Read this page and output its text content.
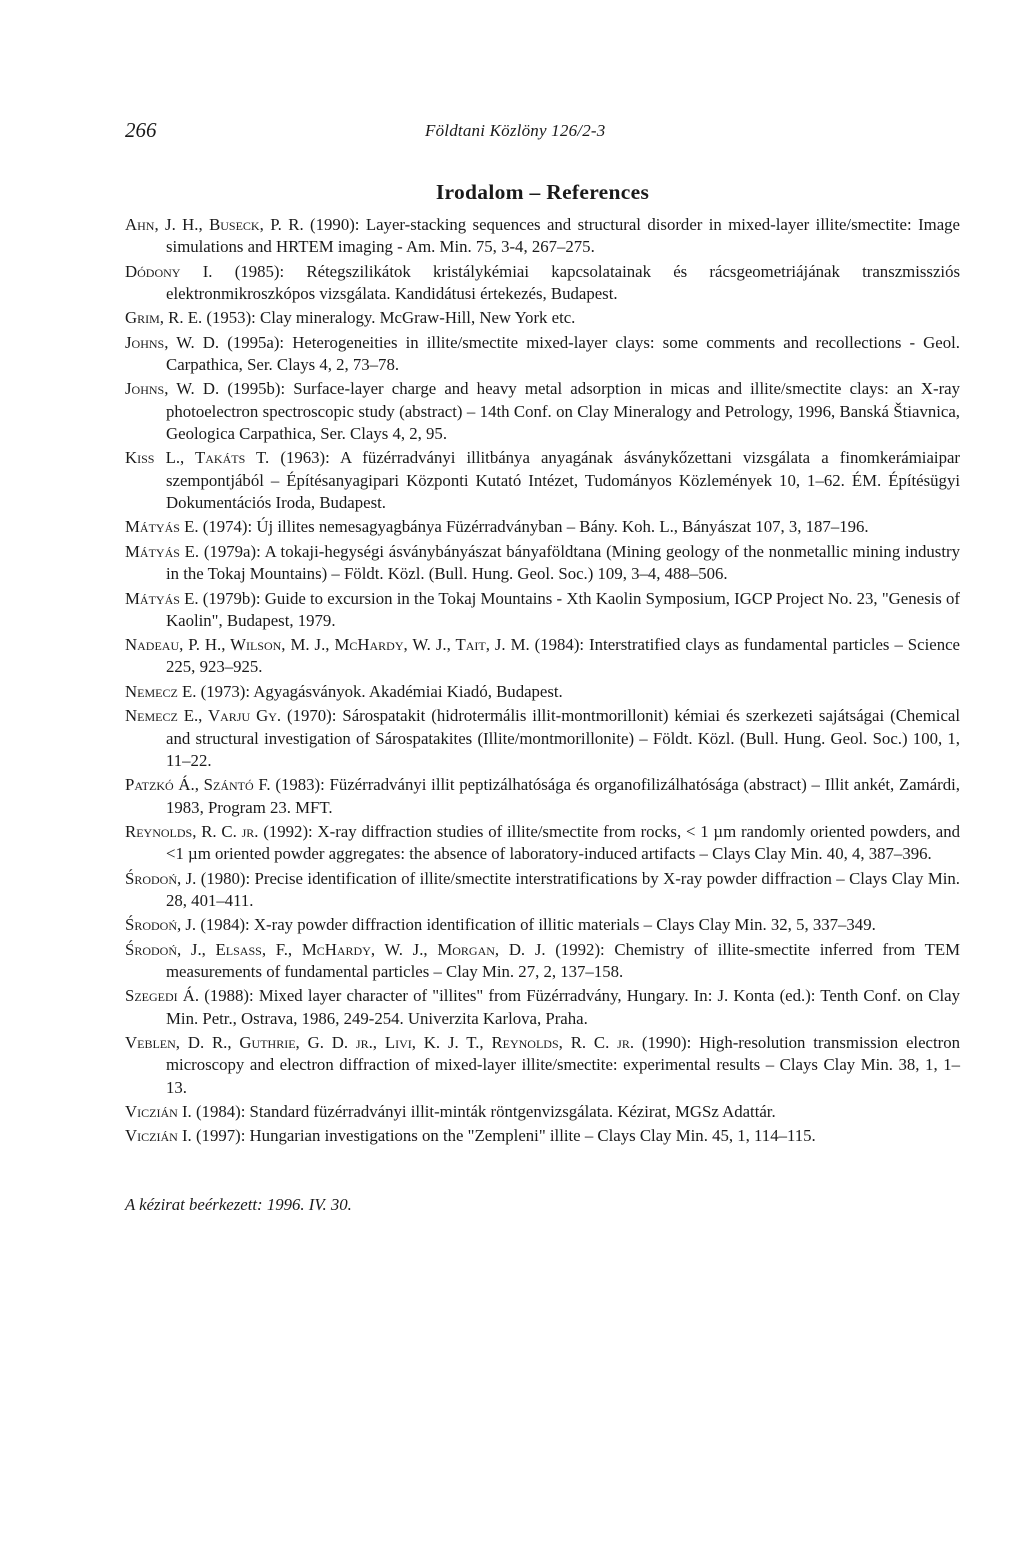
266	Földtani Közlöny 126/2-3
Irodalom – References
Ahn, J. H., Buseck, P. R. (1990): Layer-stacking sequences and structural disorder in mixed-layer illite/smectite: Image simulations and HRTEM imaging - Am. Min. 75, 3-4, 267–275.
Dódony I. (1985): Rétegszilikátok kristálykémiai kapcsolatainak és rácsgeometriájának transzmissziós elektronmikroszkópos vizsgálata. Kandidátusi értekezés, Budapest.
Grim, R. E. (1953): Clay mineralogy. McGraw-Hill, New York etc.
Johns, W. D. (1995a): Heterogeneities in illite/smectite mixed-layer clays: some comments and recollections - Geol. Carpathica, Ser. Clays 4, 2, 73–78.
Johns, W. D. (1995b): Surface-layer charge and heavy metal adsorption in micas and illite/smectite clays: an X-ray photoelectron spectroscopic study (abstract) – 14th Conf. on Clay Mineralogy and Petrology, 1996, Banská Štiavnica, Geologica Carpathica, Ser. Clays 4, 2, 95.
Kiss L., Takáts T. (1963): A füzérradványi illitbánya anyagának ásványkőzettani vizsgálata a finomkerámiaipar szempontjából – Építésanyagipari Központi Kutató Intézet, Tudományos Közlemények 10, 1–62. ÉM. Építésügyi Dokumentációs Iroda, Budapest.
Mátyás E. (1974): Új illites nemesagyagbánya Füzérradványban – Bány. Koh. L., Bányászat 107, 3, 187–196.
Mátyás E. (1979a): A tokaji-hegységi ásványbányászat bányaföldtana (Mining geology of the nonmetallic mining industry in the Tokaj Mountains) – Földt. Közl. (Bull. Hung. Geol. Soc.) 109, 3–4, 488–506.
Mátyás E. (1979b): Guide to excursion in the Tokaj Mountains - Xth Kaolin Symposium, IGCP Project No. 23, "Genesis of Kaolin", Budapest, 1979.
Nadeau, P. H., Wilson, M. J., McHardy, W. J., Tait, J. M. (1984): Interstratified clays as fundamental particles – Science 225, 923–925.
Nemecz E. (1973): Agyagásványok. Akadémiai Kiadó, Budapest.
Nemecz E., Varju Gy. (1970): Sárospatakit (hidrotermális illit-montmorillonit) kémiai és szerkezeti sajátságai (Chemical and structural investigation of Sárospatakites (Illite/montmorillonite) – Földt. Közl. (Bull. Hung. Geol. Soc.) 100, 1, 11–22.
Patzkó Á., Szántó F. (1983): Füzérradványi illit peptizálhatósága és organofilizálhatósága (abstract) – Illit ankét, Zamárdi, 1983, Program 23. MFT.
Reynolds, R. C. jr. (1992): X-ray diffraction studies of illite/smectite from rocks, < 1 µm randomly oriented powders, and <1 µm oriented powder aggregates: the absence of laboratory-induced artifacts – Clays Clay Min. 40, 4, 387–396.
Środoń, J. (1980): Precise identification of illite/smectite interstratifications by X-ray powder diffraction – Clays Clay Min. 28, 401–411.
Środoń, J. (1984): X-ray powder diffraction identification of illitic materials – Clays Clay Min. 32, 5, 337–349.
Środoń, J., Elsass, F., McHardy, W. J., Morgan, D. J. (1992): Chemistry of illite-smectite inferred from TEM measurements of fundamental particles – Clay Min. 27, 2, 137–158.
Szegedi Á. (1988): Mixed layer character of "illites" from Füzérradvány, Hungary. In: J. Konta (ed.): Tenth Conf. on Clay Min. Petr., Ostrava, 1986, 249-254. Univerzita Karlova, Praha.
Veblen, D. R., Guthrie, G. D. jr., Livi, K. J. T., Reynolds, R. C. jr. (1990): High-resolution transmission electron microscopy and electron diffraction of mixed-layer illite/smectite: experimental results – Clays Clay Min. 38, 1, 1–13.
Viczián I. (1984): Standard füzérradványi illit-minták röntgenvizsgálata. Kézirat, MGSz Adattár.
Viczián I. (1997): Hungarian investigations on the "Zempleni" illite – Clays Clay Min. 45, 1, 114–115.
A kézirat beérkezett: 1996. IV. 30.
